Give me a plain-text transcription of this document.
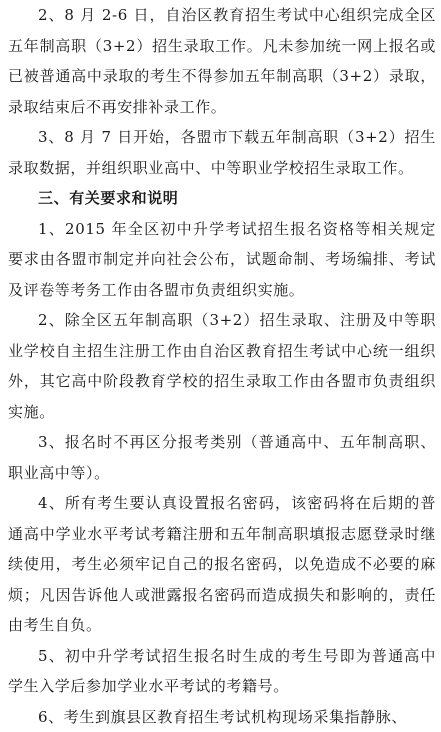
2、8 月 2-6 日，自治区教育招生考试中心组织完成全区五年制高职（3+2）招生录取工作。凡未参加统一网上报名或已被普通高中录取的考生不得参加五年制高职（3+2）录取，录取结束后不再安排补录工作。

3、8 月 7 日开始，各盟市下载五年制高职（3+2）招生录取数据，并组织职业高中、中等职业学校招生录取工作。

三、有关要求和说明

1、2015 年全区初中升学考试招生报名资格等相关规定要求由各盟市制定并向社会公布，试题命制、考场编排、考试及评卷等考务工作由各盟市负责组织实施。

2、除全区五年制高职（3+2）招生录取、注册及中等职业学校自主招生注册工作由自治区教育招生考试中心统一组织外，其它高中阶段教育学校的招生录取工作由各盟市负责组织实施。

3、报名时不再区分报考类别（普通高中、五年制高职、职业高中等）。

4、所有考生要认真设置报名密码，该密码将在后期的普通高中学业水平考试考籍注册和五年制高职填报志愿登录时继续使用，考生必须牢记自己的报名密码，以免造成不必要的麻烦；凡因告诉他人或泄露报名密码而造成损失和影响的，责任由考生自负。

5、初中升学考试招生报名时生成的考生号即为普通高中学生入学后参加学业水平考试的考籍号。

6、考生到旗县区教育招生考试机构现场采集指静脉、
